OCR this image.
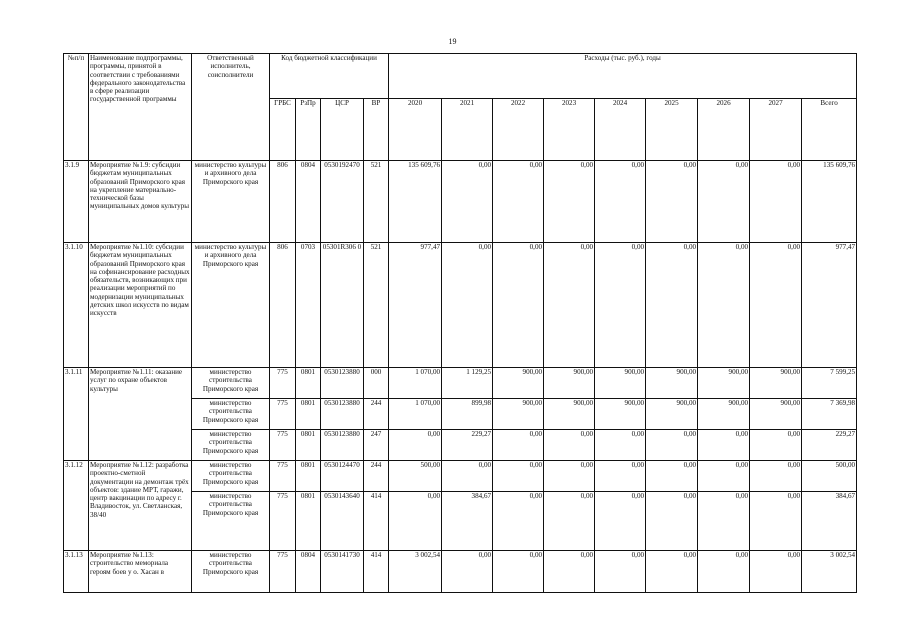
19
№п/п	Наименование подпрограммы, программы, принятой в соответствии с требованиями федерального законодательства в сфере реализации государственной программы	Ответственный исполнитель, соисполнители	Код бюджетной классификации				Расходы (тыс. руб.), годы								
			ГРБС	РзПр	ЦСР	ВР	2020	2021	2022	2023	2024	2025	2026	2027	Всего
3.1.9	Мероприятие №1.9: субсидии бюджетам муниципальных образований Приморского края на укрепление материально-технической базы муниципальных домов культуры	министерство культуры и архивного дела Приморского края	806	0804	0530192470	521	135 609,76	0,00	0,00	0,00	0,00	0,00	0,00	0,00	135 609,76
3.1.10	Мероприятие №1.10: субсидии бюджетам муниципальных образований Приморского края на софинансирование расходных обязательств, возникающих при реализации мероприятий по модернизации муниципальных детских школ искусств по видам искусств	министерство культуры и архивного дела Приморского края	806	0703	05301R306 0	521	977,47	0,00	0,00	0,00	0,00	0,00	0,00	0,00	977,47
3.1.11	Мероприятие №1.11: оказание услуг по охране объектов культуры	министерство строительства Приморского края	775	0801	0530123880	000	1 070,00	1 129,25	900,00	900,00	900,00	900,00	900,00	900,00	7 599,25
		министерство строительства Приморского края	775	0801	0530123880	244	1 070,00	899,98	900,00	900,00	900,00	900,00	900,00	900,00	7 369,98
		министерство строительства Приморского края	775	0801	0530123880	247	0,00	229,27	0,00	0,00	0,00	0,00	0,00	0,00	229,27
3.1.12	Мероприятие №1.12: разработка проектно-сметной документации на демонтаж трёх объектов: здание МРТ, гаражи, центр вакцинации по адресу г. Владивосток, ул. Светланская, 38/40	министерство строительства Приморского края	775	0801	0530124470	244	500,00	0,00	0,00	0,00	0,00	0,00	0,00	0,00	500,00
		министерство строительства Приморского края	775	0801	0530143640	414	0,00	384,67	0,00	0,00	0,00	0,00	0,00	0,00	384,67
3.1.13	Мероприятие №1.13: строительство мемориала героям боев у о. Хасан в	министерство строительства Приморского края	775	0804	0530141730	414	3 002,54	0,00	0,00	0,00	0,00	0,00	0,00	0,00	3 002,54
